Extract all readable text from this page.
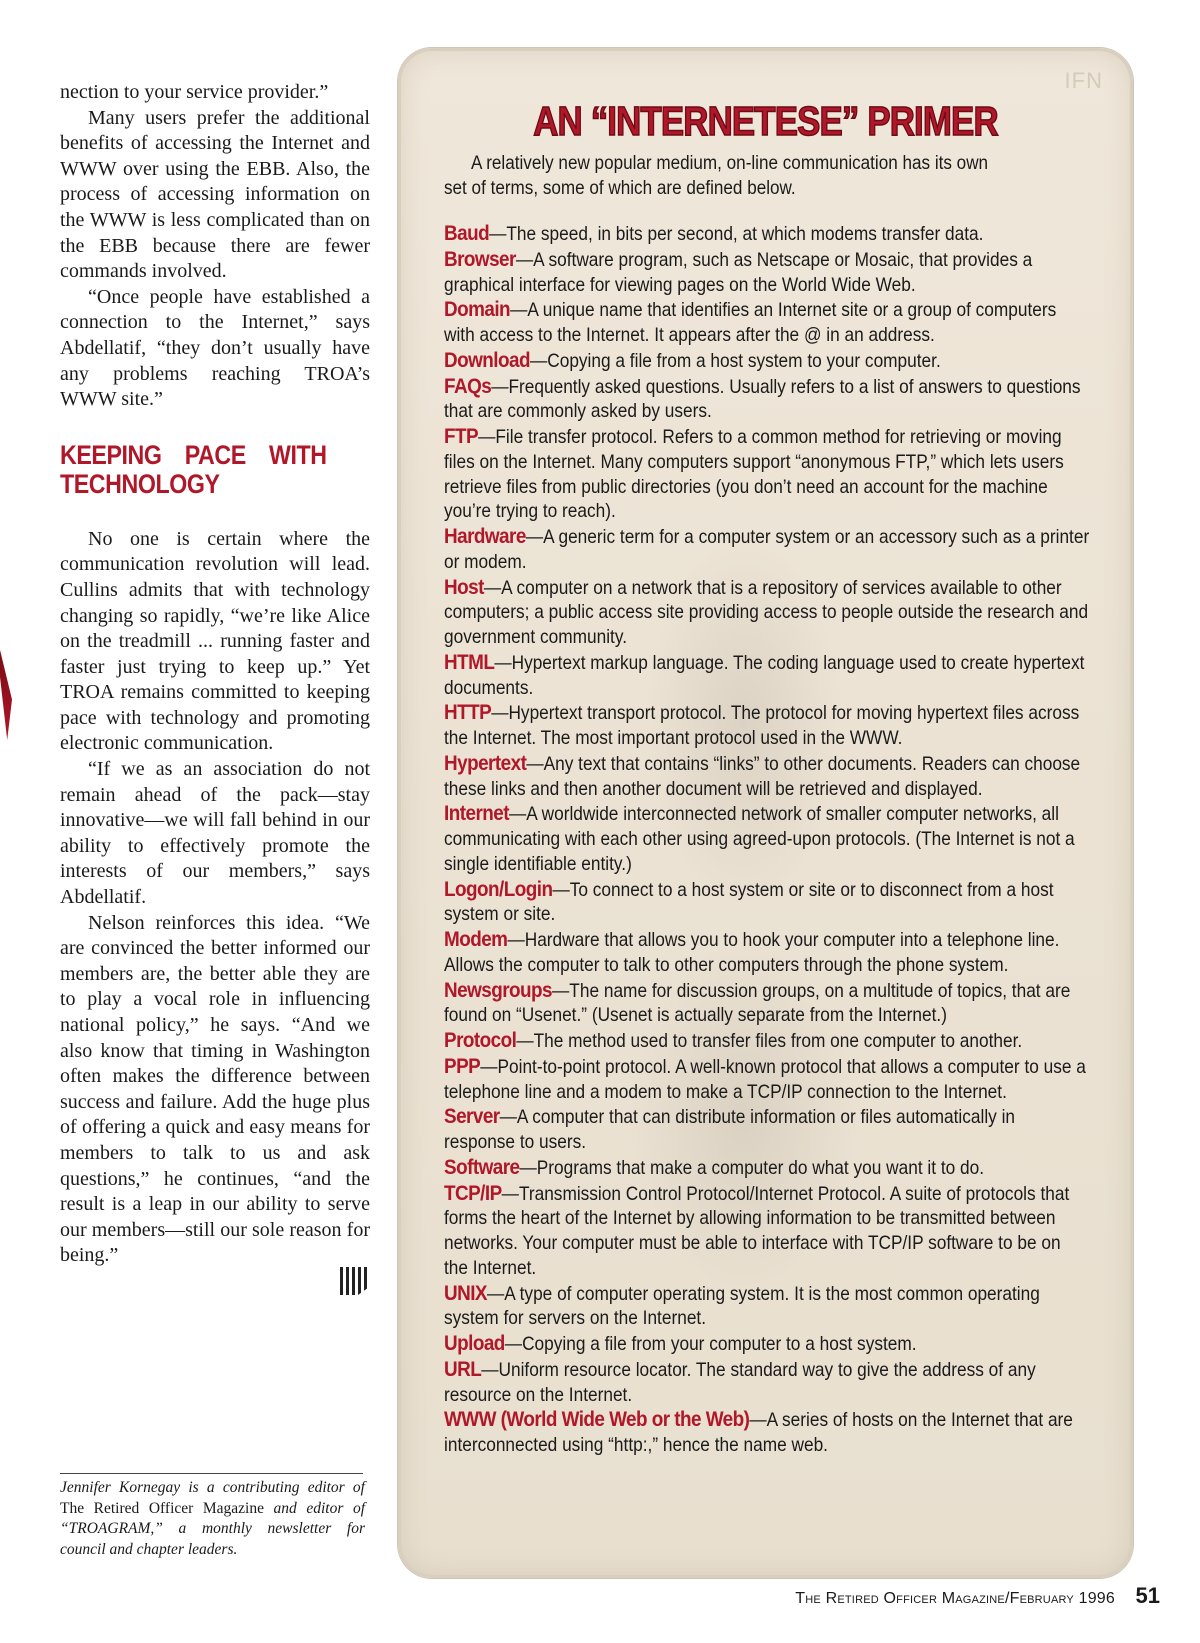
nection to your service provider.”

Many users prefer the additional benefits of accessing the Internet and WWW over using the EBB. Also, the process of accessing information on the WWW is less complicated than on the EBB because there are fewer commands involved.

“Once people have established a connection to the Internet,” says Abdellatif, “they don’t usually have any problems reaching TROA’s WWW site.”

KEEPING PACE WITH TECHNOLOGY

No one is certain where the communication revolution will lead. Cullins admits that with technology changing so rapidly, “we’re like Alice on the treadmill ... running faster and faster just trying to keep up.” Yet TROA remains committed to keeping pace with technology and promoting electronic communication.

“If we as an association do not remain ahead of the pack—stay innovative—we will fall behind in our ability to effectively promote the interests of our members,” says Abdellatif.

Nelson reinforces this idea. “We are convinced the better informed our members are, the better able they are to play a vocal role in influencing national policy,” he says. “And we also know that timing in Washington often makes the difference between success and failure. Add the huge plus of offering a quick and easy means for members to talk to us and ask questions,” he continues, “and the result is a leap in our ability to serve our members—still our sole reason for being.”

Jennifer Kornegay is a contributing editor of The Retired Officer Magazine and editor of “TROAGRAM,” a monthly newsletter for council and chapter leaders.
IFN
AN “INTERNETESE” PRIMER
A relatively new popular medium, on-line communication has its own set of terms, some of which are defined below.

Baud—The speed, in bits per second, at which modems transfer data.

Browser—A software program, such as Netscape or Mosaic, that provides a graphical interface for viewing pages on the World Wide Web.

Domain—A unique name that identifies an Internet site or a group of computers with access to the Internet. It appears after the @ in an address.

Download—Copying a file from a host system to your computer.

FAQs—Frequently asked questions. Usually refers to a list of answers to questions that are commonly asked by users.

FTP—File transfer protocol. Refers to a common method for retrieving or moving files on the Internet. Many computers support “anonymous FTP,” which lets users retrieve files from public directories (you don’t need an account for the machine you’re trying to reach).

Hardware—A generic term for a computer system or an accessory such as a printer or modem.

Host—A computer on a network that is a repository of services available to other computers; a public access site providing access to people outside the research and government community.

HTML—Hypertext markup language. The coding language used to create hypertext documents.

HTTP—Hypertext transport protocol. The protocol for moving hypertext files across the Internet. The most important protocol used in the WWW.

Hypertext—Any text that contains “links” to other documents. Readers can choose these links and then another document will be retrieved and displayed.

Internet—A worldwide interconnected network of smaller computer networks, all communicating with each other using agreed-upon protocols. (The Internet is not a single identifiable entity.)

Logon/Login—To connect to a host system or site or to disconnect from a host system or site.

Modem—Hardware that allows you to hook your computer into a telephone line. Allows the computer to talk to other computers through the phone system.

Newsgroups—The name for discussion groups, on a multitude of topics, that are found on “Usenet.” (Usenet is actually separate from the Internet.)

Protocol—The method used to transfer files from one computer to another.

PPP—Point-to-point protocol. A well-known protocol that allows a computer to use a telephone line and a modem to make a TCP/IP connection to the Internet.

Server—A computer that can distribute information or files automatically in response to users.

Software—Programs that make a computer do what you want it to do.

TCP/IP—Transmission Control Protocol/Internet Protocol. A suite of protocols that forms the heart of the Internet by allowing information to be transmitted between networks. Your computer must be able to interface with TCP/IP software to be on the Internet.

UNIX—A type of computer operating system. It is the most common operating system for servers on the Internet.

Upload—Copying a file from your computer to a host system.

URL—Uniform resource locator. The standard way to give the address of any resource on the Internet.

WWW (World Wide Web or the Web)—A series of hosts on the Internet that are interconnected using “http:,” hence the name web.

The Retired Officer Magazine/February 1996 51
